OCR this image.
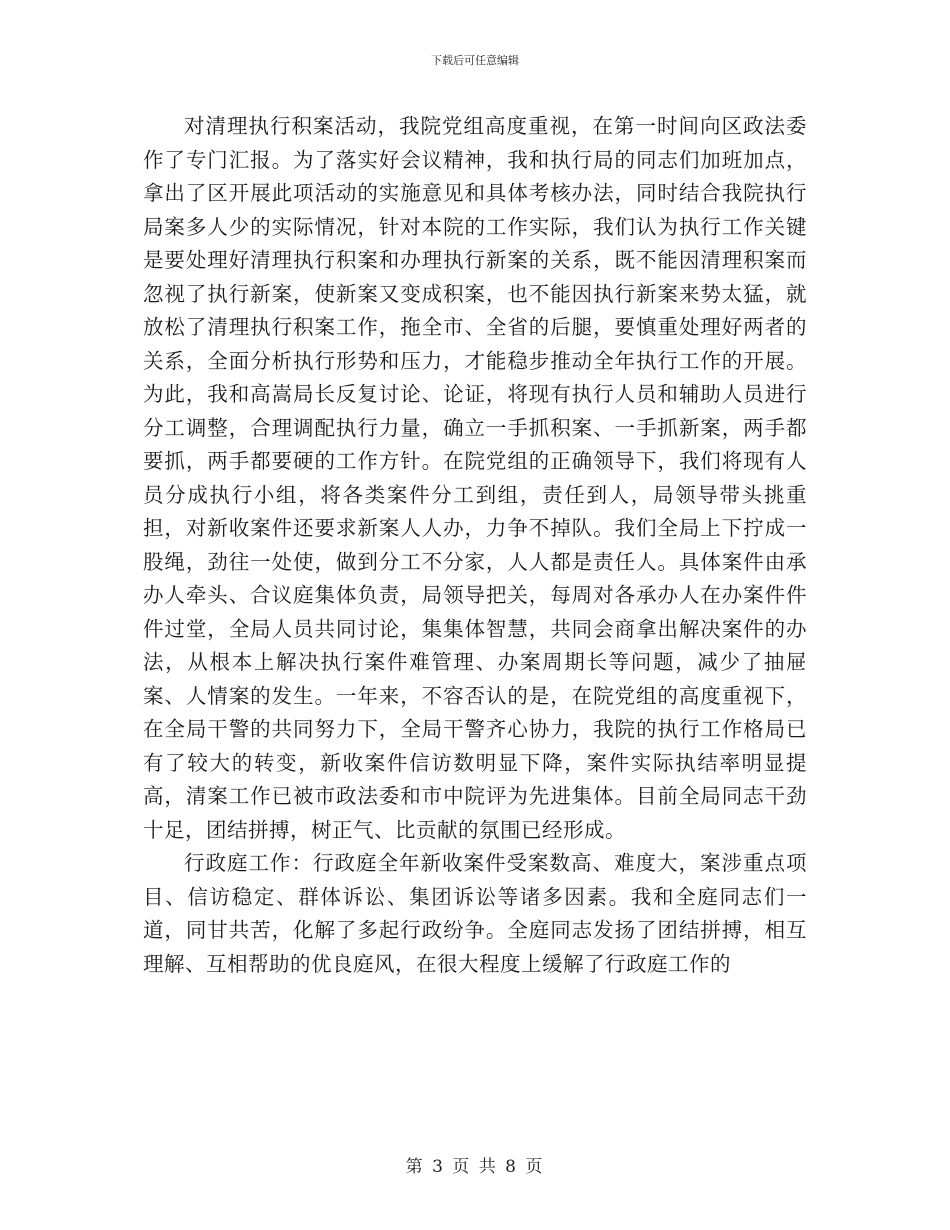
下载后可任意编辑

对清理执行积案活动，我院党组高度重视，在第一时间向区政法委作了专门汇报。为了落实好会议精神，我和执行局的同志们加班加点，拿出了区开展此项活动的实施意见和具体考核办法，同时结合我院执行局案多人少的实际情况，针对本院的工作实际，我们认为执行工作关键是要处理好清理执行积案和办理执行新案的关系，既不能因清理积案而忽视了执行新案，使新案又变成积案，也不能因执行新案来势太猛，就放松了清理执行积案工作，拖全市、全省的后腿，要慎重处理好两者的关系，全面分析执行形势和压力，才能稳步推动全年执行工作的开展。为此，我和高嵩局长反复讨论、论证，将现有执行人员和辅助人员进行分工调整，合理调配执行力量，确立一手抓积案、一手抓新案，两手都要抓，两手都要硬的工作方针。在院党组的正确领导下，我们将现有人员分成执行小组，将各类案件分工到组，责任到人，局领导带头挑重担，对新收案件还要求新案人人办，力争不掉队。我们全局上下拧成一股绳，劲往一处使，做到分工不分家，人人都是责任人。具体案件由承办人牵头、合议庭集体负责，局领导把关，每周对各承办人在办案件件件过堂，全局人员共同讨论，集集体智慧，共同会商拿出解决案件的办法，从根本上解决执行案件难管理、办案周期长等问题，减少了抽屉案、人情案的发生。一年来，不容否认的是，在院党组的高度重视下，在全局干警的共同努力下，全局干警齐心协力，我院的执行工作格局已有了较大的转变，新收案件信访数明显下降，案件实际执结率明显提高，清案工作已被市政法委和市中院评为先进集体。目前全局同志干劲十足，团结拼搏，树正气、比贡献的氛围已经形成。

行政庭工作：行政庭全年新收案件受案数高、难度大，案涉重点项目、信访稳定、群体诉讼、集团诉讼等诸多因素。我和全庭同志们一道，同甘共苦，化解了多起行政纷争。全庭同志发扬了团结拼搏，相互理解、互相帮助的优良庭风，在很大程度上缓解了行政庭工作的

第 3 页 共 8 页
